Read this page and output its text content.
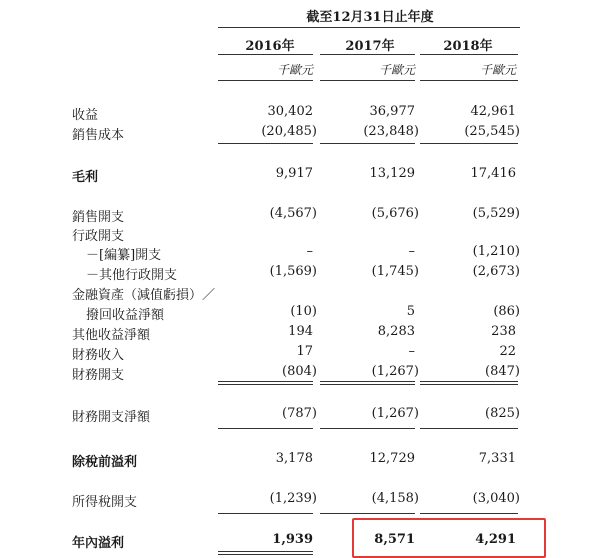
截至12月31日止年度
2016年	2017年	2018年
千歐元	千歐元	千歐元
收益	30,402	36,977	42,961
銷售成本	(20,485)	(23,848)	(25,545)
毛利	9,917	13,129	17,416
銷售開支	(4,567)	(5,676)	(5,529)
行政開支
－[編纂]開支	–	–	(1,210)
－其他行政開支	(1,569)	(1,745)	(2,673)
金融資產（減值虧損）／
撥回收益淨額	(10)	5	(86)
其他收益淨額	194	8,283	238
財務收入	17	–	22
財務開支	(804)	(1,267)	(847)
財務開支淨額	(787)	(1,267)	(825)
除稅前溢利	3,178	12,729	7,331
所得稅開支	(1,239)	(4,158)	(3,040)
年內溢利	1,939	8,571	4,291
